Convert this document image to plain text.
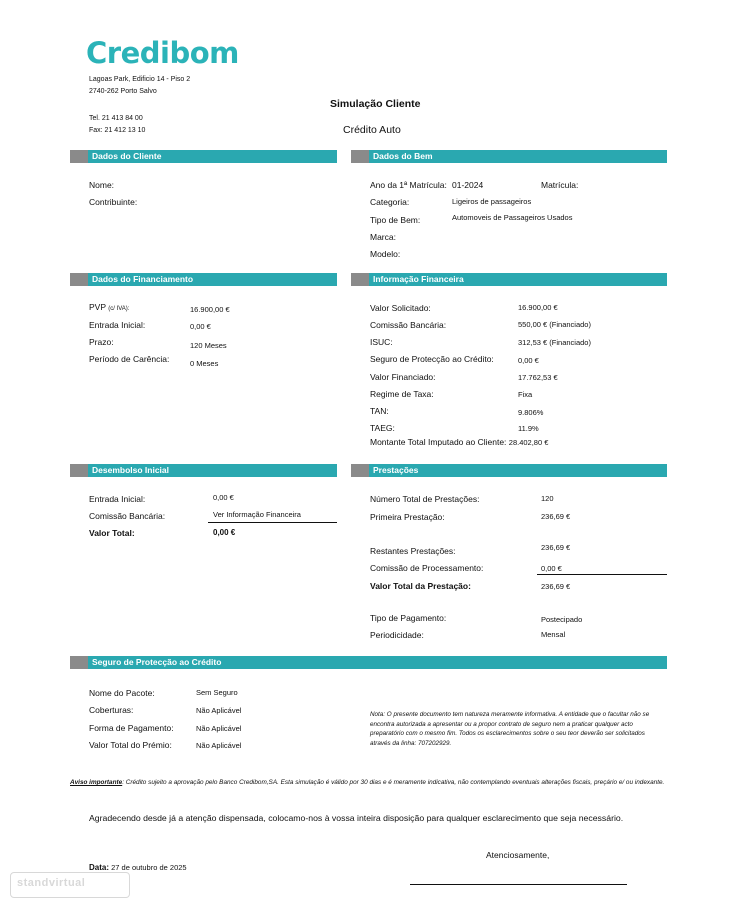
Credibom
Lagoas Park, Edificio 14 - Piso 2
2740-262 Porto Salvo
Tel. 21 413 84 00
Fax: 21 412 13 10
Simulação Cliente
Crédito Auto
Dados do Cliente
Nome:
Contribuinte:
Dados do Bem
Ano da 1ª Matrícula: 01-2024	Matrícula:
Categoria:	Ligeiros de passageiros
Tipo de Bem:	Automoveis de Passageiros Usados
Marca:
Modelo:
Dados do Financiamento
PVP (c/ IVA):	16.900,00 €
Entrada Inicial:	0,00 €
Prazo:	120 Meses
Período de Carência:	0 Meses
Informação Financeira
Valor Solicitado:	16.900,00 €
Comissão Bancária:	550,00 € (Financiado)
ISUC:	312,53 € (Financiado)
Seguro de Protecção ao Crédito:	0,00 €
Valor Financiado:	17.762,53 €
Regime de Taxa:	Fixa
TAN:	9.806%
TAEG:	11.9%
Montante Total Imputado ao Cliente: 28.402,80 €
Desembolso Inicial
Entrada Inicial:	0,00 €
Comissão Bancária:	Ver Informação Financeira
Valor Total:	0,00 €
Prestações
Número Total de Prestações:	120
Primeira Prestação:	236,69 €
Restantes Prestações:	236,69 €
Comissão de Processamento:	0,00 €
Valor Total da Prestação:	236,69 €
Tipo de Pagamento:	Postecipado
Periodicidade:	Mensal
Seguro de Protecção ao Crédito
Nome do Pacote:	Sem Seguro
Coberturas:	Não Aplicável
Forma de Pagamento:	Não Aplicável
Valor Total do Prémio:	Não Aplicável
Nota: O presente documento tem natureza meramente informativa. A entidade que o facultar não se encontra autorizada a apresentar ou a propor contrato de seguro nem a praticar qualquer acto preparatório com o mesmo fim. Todos os esclarecimentos sobre o seu teor deverão ser solicitados através da linha: 707202929.
Aviso importante: Crédito sujeito a aprovação pelo Banco Credibom,SA. Esta simulação é válido por 30 dias e é meramente indicativa, não contemplando eventuais alterações fiscais, preçário e/ ou indexante.
Agradecendo desde já a atenção dispensada, colocamo-nos à vossa inteira disposição para qualquer esclarecimento que seja necessário.
Atenciosamente,
Data: 27 de outubro de 2025
standvirtual
